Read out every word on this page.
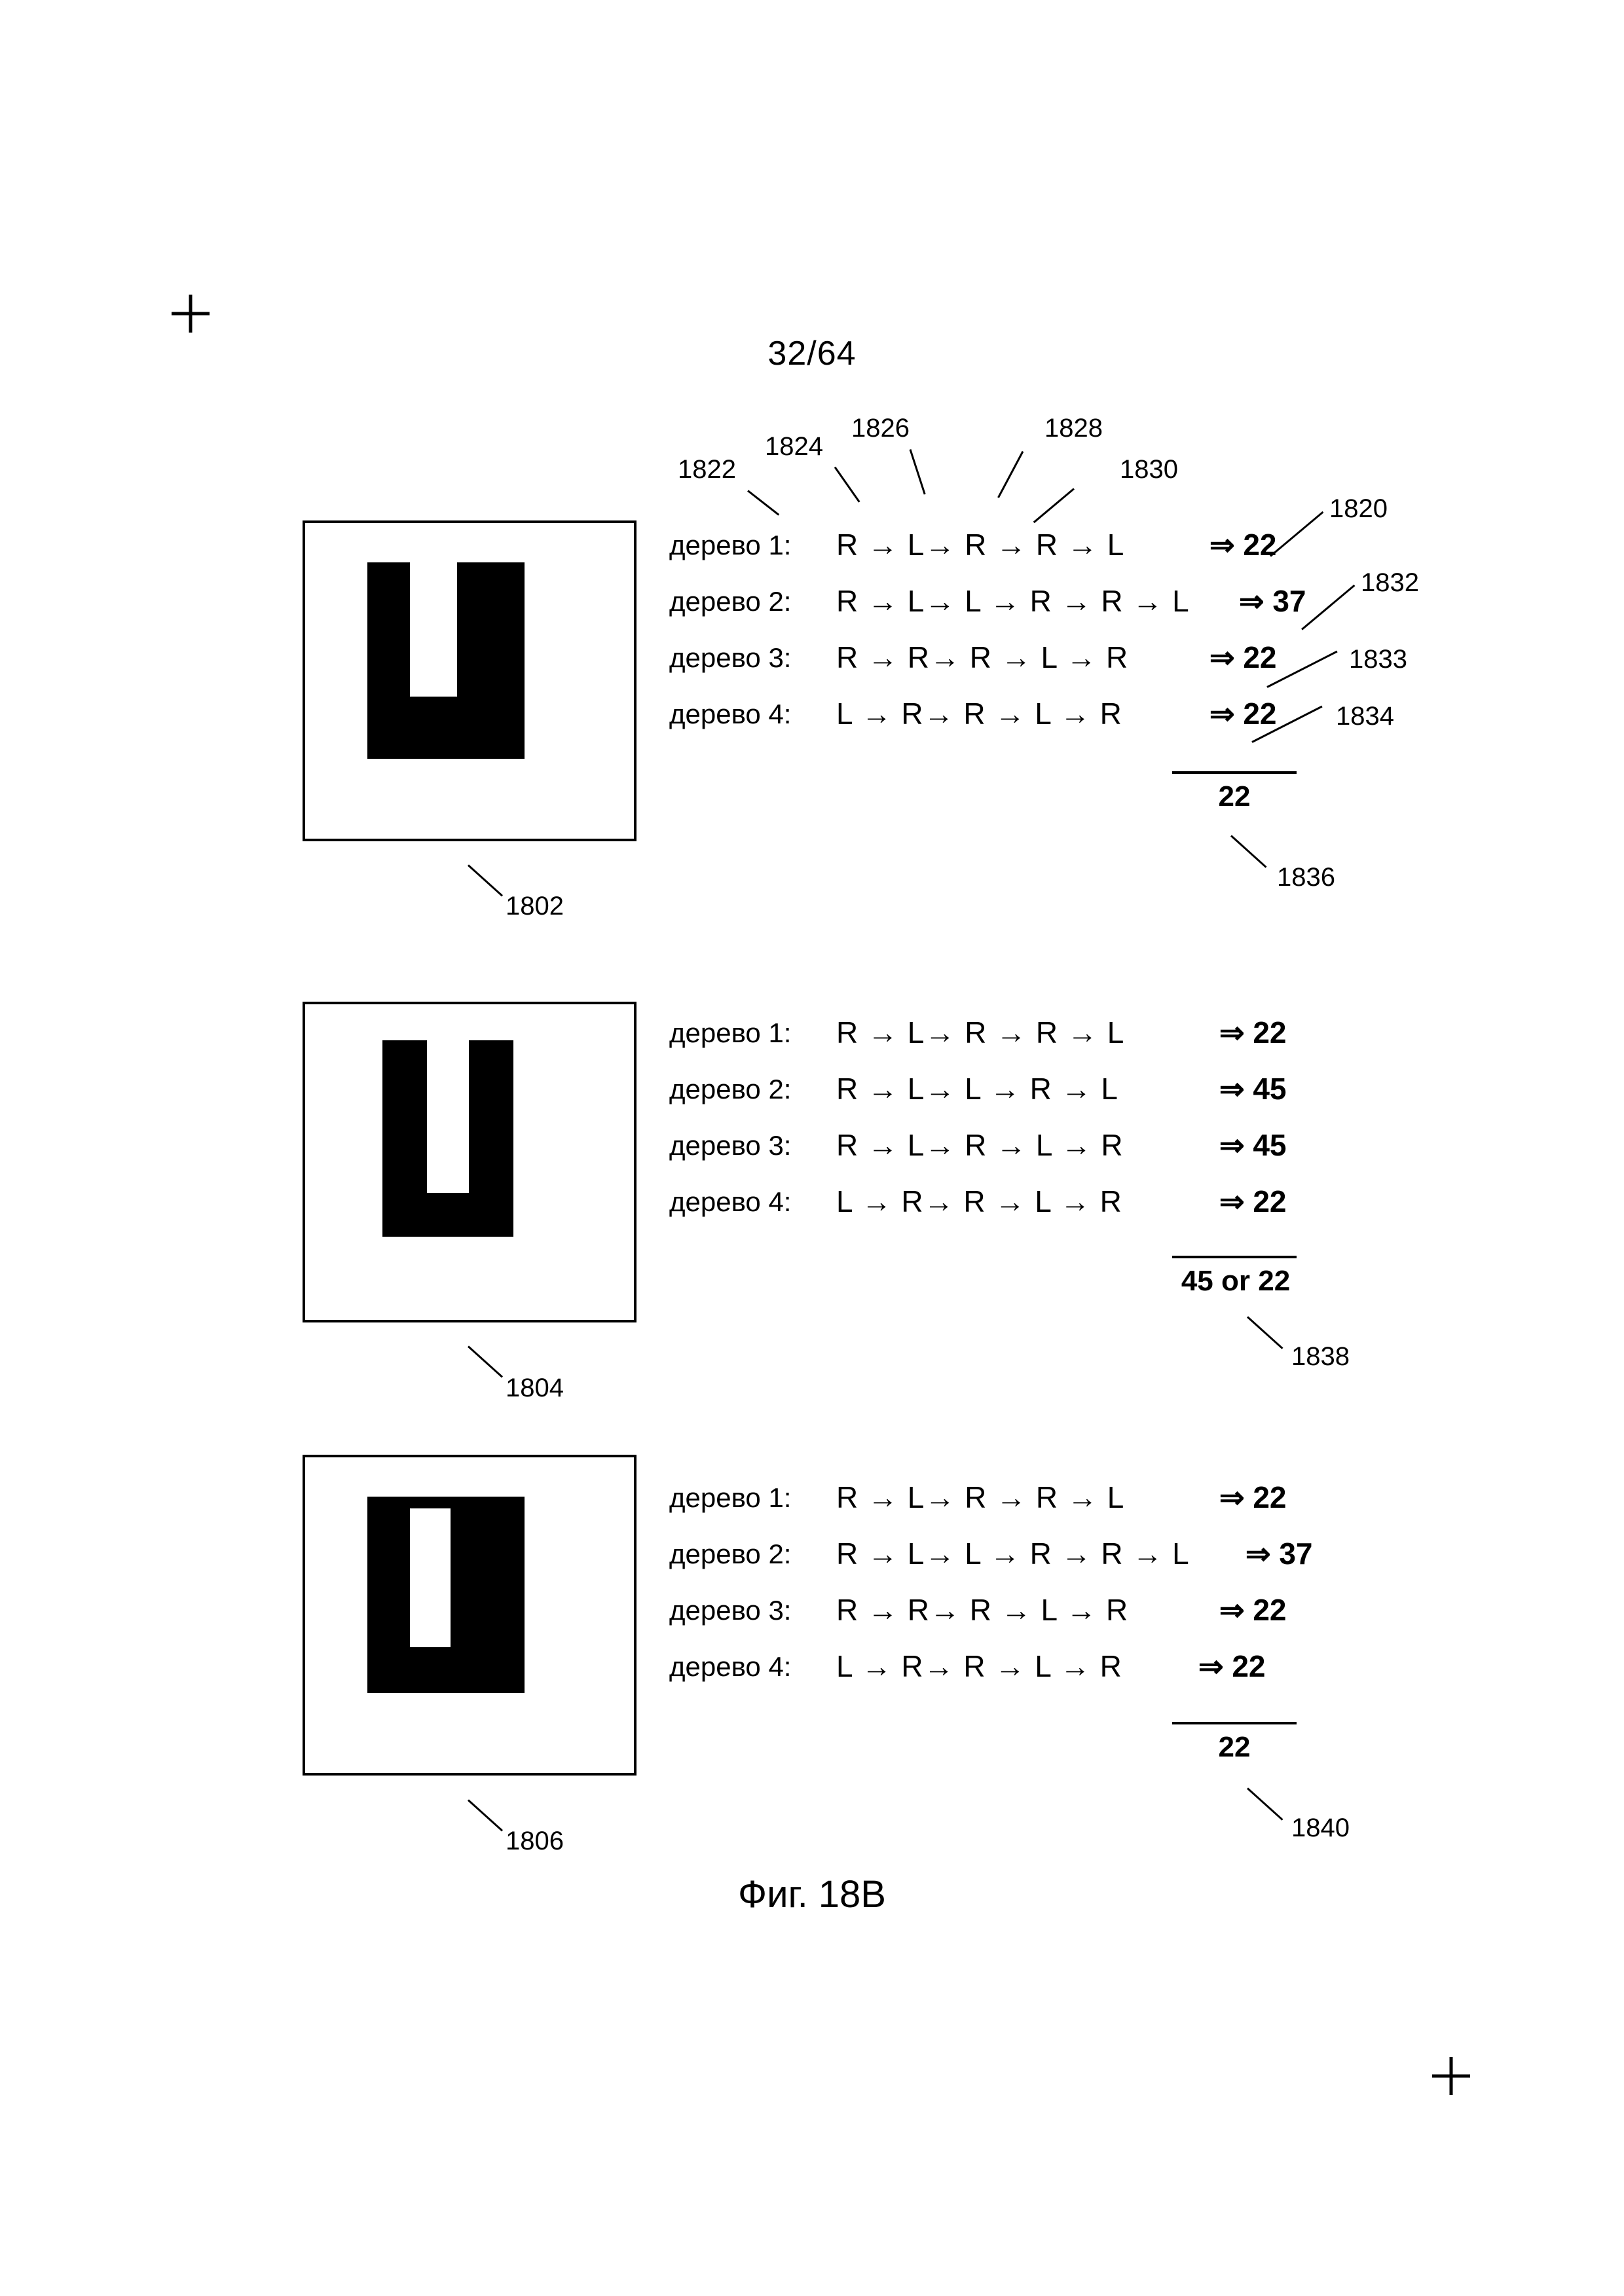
32/64
1802
1822
1824
1826	1828
1830
1820
1832
1833
1834
1836
дерево 1: R → L→ R → R → L	⇒ 22
дерево 2: R → L→ L → R → R → L ⇒ 37
дерево 3: R → R→ R → L → R	⇒ 22
дерево 4: L → R→ R → L → R	⇒ 22
22
1804
дерево 1: R → L→ R → R → L	⇒ 22
дерево 2: R → L→ L → R → L	⇒ 45
дерево 3: R → L→ R → L → R	⇒ 45
дерево 4: L → R→ R → L → R	⇒ 22
45 or 22
1838
1806
дерево 1: R → L→ R → R → L	⇒ 22
дерево 2: R → L→ L → R → R → L ⇒ 37
дерево 3: R → R→ R → L → R	⇒ 22
дерево 4: L → R→ R → L → R	⇒ 22
22
1840
Фиг. 18B
